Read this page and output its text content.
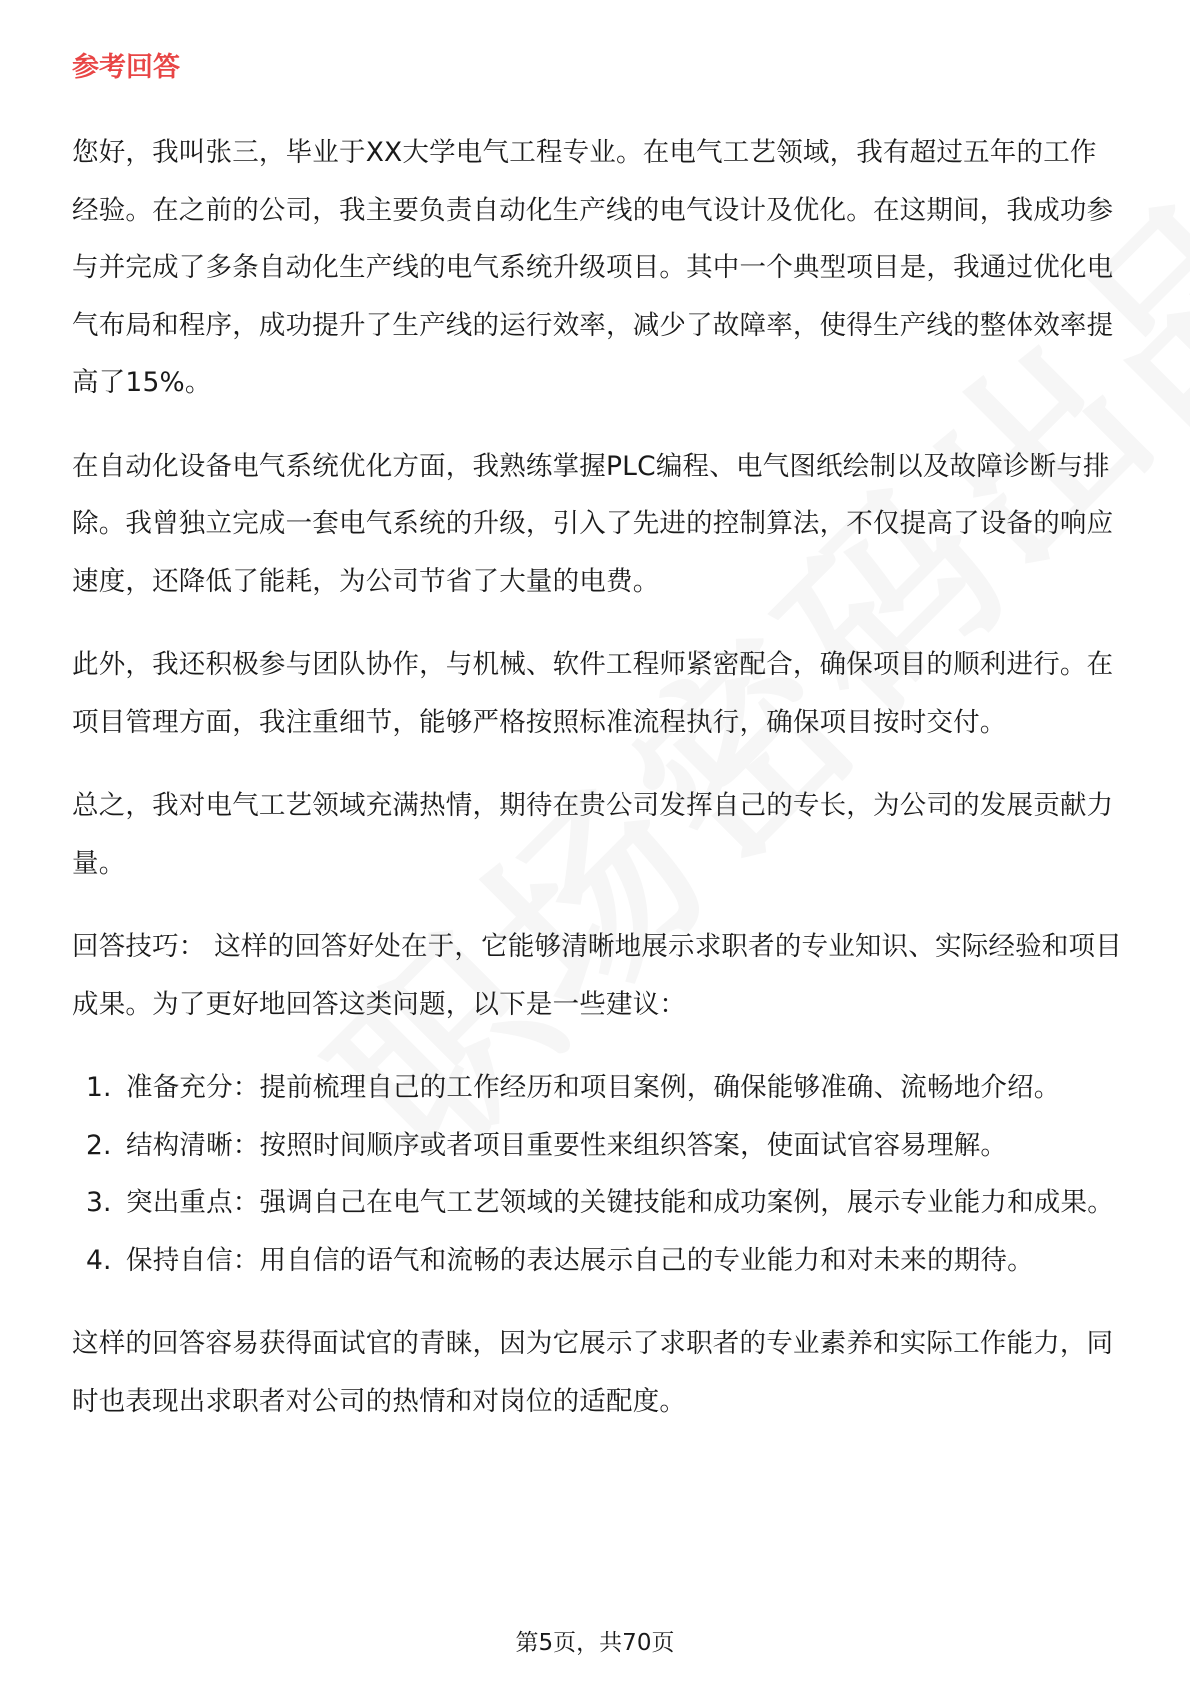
参考回答

您好，我叫张三，毕业于XX大学电气工程专业。在电气工艺领域，我有超过五年的工作经验。在之前的公司，我主要负责自动化生产线的电气设计及优化。在这期间，我成功参与并完成了多条自动化生产线的电气系统升级项目。其中一个典型项目是，我通过优化电气布局和程序，成功提升了生产线的运行效率，减少了故障率，使得生产线的整体效率提高了15%。

在自动化设备电气系统优化方面，我熟练掌握PLC编程、电气图纸绘制以及故障诊断与排除。我曾独立完成一套电气系统的升级，引入了先进的控制算法，不仅提高了设备的响应速度，还降低了能耗，为公司节省了大量的电费。

此外，我还积极参与团队协作，与机械、软件工程师紧密配合，确保项目的顺利进行。在项目管理方面，我注重细节，能够严格按照标准流程执行，确保项目按时交付。

总之，我对电气工艺领域充满热情，期待在贵公司发挥自己的专长，为公司的发展贡献力量。

回答技巧： 这样的回答好处在于，它能够清晰地展示求职者的专业知识、实际经验和项目成果。为了更好地回答这类问题，以下是一些建议：

1. 准备充分：提前梳理自己的工作经历和项目案例，确保能够准确、流畅地介绍。
2. 结构清晰：按照时间顺序或者项目重要性来组织答案，使面试官容易理解。
3. 突出重点：强调自己在电气工艺领域的关键技能和成功案例，展示专业能力和成果。
4. 保持自信：用自信的语气和流畅的表达展示自己的专业能力和对未来的期待。

这样的回答容易获得面试官的青睐，因为它展示了求职者的专业素养和实际工作能力，同时也表现出求职者对公司的热情和对岗位的适配度。

第5页，共70页
